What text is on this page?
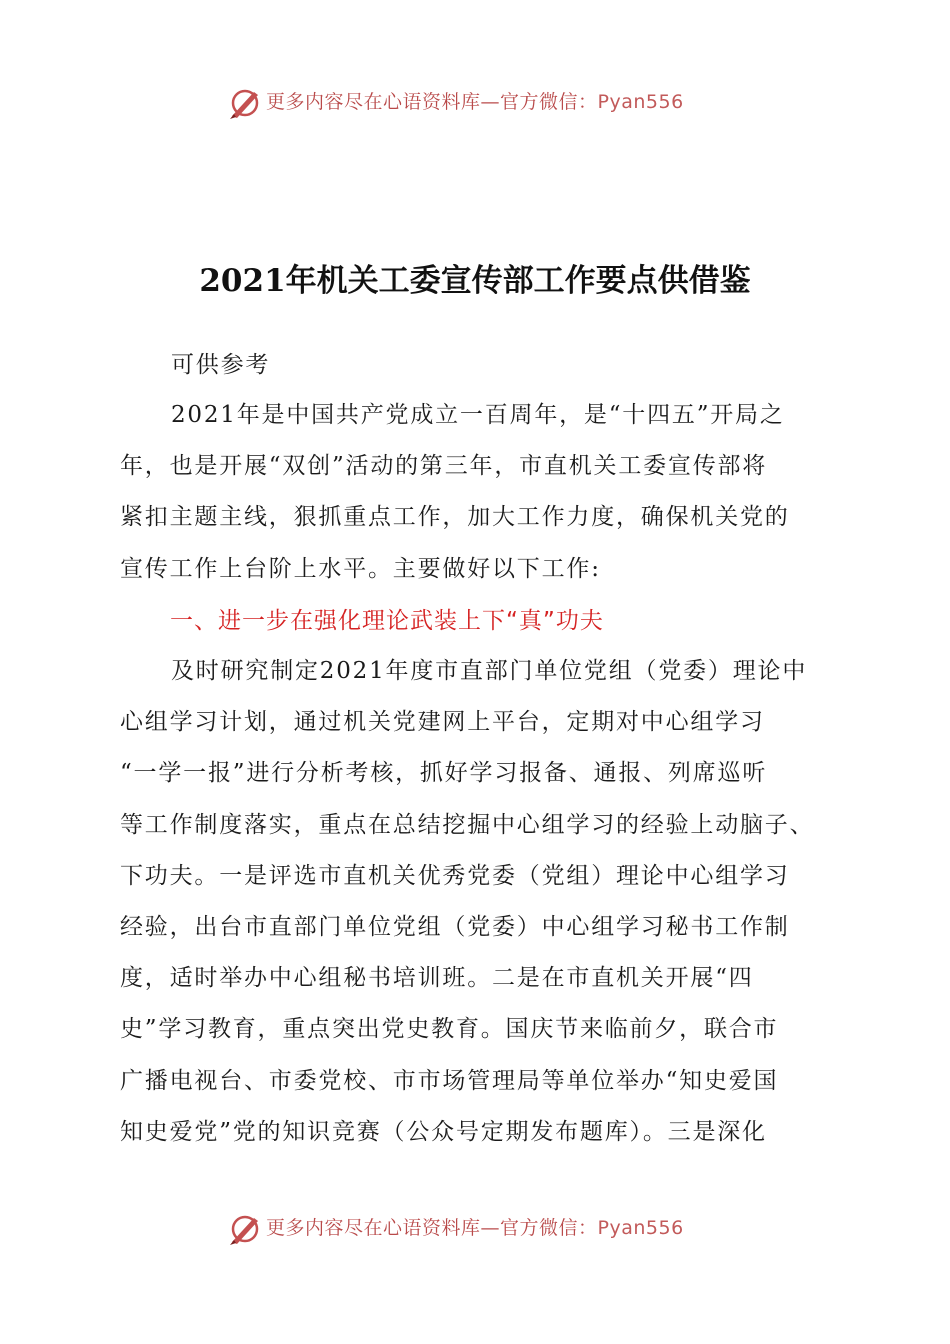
更多内容尽在心语资料库—官方微信：Pyan556
2021年机关工委宣传部工作要点供借鉴
可供参考
2021年是中国共产党成立一百周年，是“十四五”开局之
年，也是开展“双创”活动的第三年，市直机关工委宣传部将
紧扣主题主线，狠抓重点工作，加大工作力度，确保机关党的
宣传工作上台阶上水平。主要做好以下工作:
一、进一步在强化理论武装上下“真”功夫
及时研究制定2021年度市直部门单位党组（党委）理论中
心组学习计划，通过机关党建网上平台，定期对中心组学习
“一学一报”进行分析考核，抓好学习报备、通报、列席巡听
等工作制度落实，重点在总结挖掘中心组学习的经验上动脑子、
下功夫。一是评选市直机关优秀党委（党组）理论中心组学习
经验，出台市直部门单位党组（党委）中心组学习秘书工作制
度，适时举办中心组秘书培训班。二是在市直机关开展“四
史”学习教育，重点突出党史教育。国庆节来临前夕，联合市
广播电视台、市委党校、市市场管理局等单位举办“知史爱国
知史爱党”党的知识竞赛（公众号定期发布题库）。三是深化
更多内容尽在心语资料库—官方微信：Pyan556
